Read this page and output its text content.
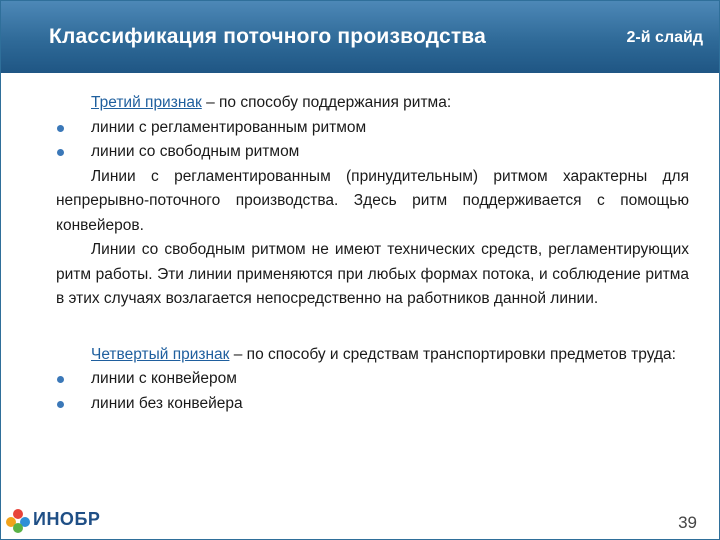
Классификация поточного производства	2-й слайд

Третий признак – по способу поддержания ритма:

линии с регламентированным ритмом

линии со свободным ритмом

Линии с регламентированным (принудительным) ритмом характерны для непрерывно-поточного производства. Здесь ритм поддерживается с помощью конвейеров.

Линии со свободным ритмом не имеют технических средств, регламентирующих ритм работы. Эти линии применяются при любых формах потока, и соблюдение ритма в этих случаях возлагается непосредственно на работников данной линии.

Четвертый признак – по способу и средствам транспортировки предметов труда:

линии с конвейером

линии без конвейера

ИНОБР	39
